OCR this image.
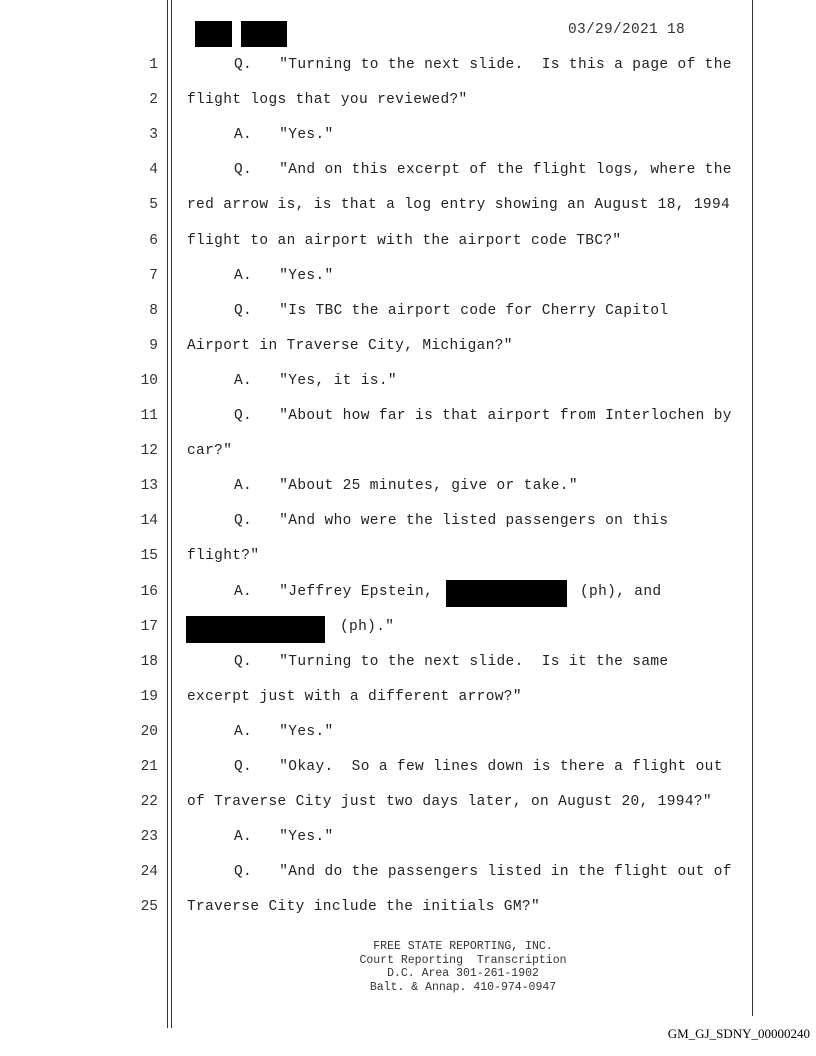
03/29/2021 18
1	Q.   "Turning to the next slide.  Is this a page of the
2 flight logs that you reviewed?"
3	A.   "Yes."
4	Q.   "And on this excerpt of the flight logs, where the
5 red arrow is, is that a log entry showing an August 18, 1994
6 flight to an airport with the airport code TBC?"
7	A.   "Yes."
8	Q.   "Is TBC the airport code for Cherry Capitol
9 Airport in Traverse City, Michigan?"
10	A.   "Yes, it is."
11	Q.   "About how far is that airport from Interlochen by
12 car?"
13	A.   "About 25 minutes, give or take."
14	Q.   "And who were the listed passengers on this
15 flight?"
16	A.   "Jeffrey Epstein,	(ph), and
17	(ph)."
18	Q.   "Turning to the next slide.  Is it the same
19 excerpt just with a different arrow?"
20	A.   "Yes."
21	Q.   "Okay.  So a few lines down is there a flight out
22 of Traverse City just two days later, on August 20, 1994?"
23	A.   "Yes."
24	Q.   "And do the passengers listed in the flight out of
25 Traverse City include the initials GM?"
FREE STATE REPORTING, INC.
Court Reporting  Transcription
D.C. Area 301-261-1902
Balt. & Annap. 410-974-0947
GM_GJ_SDNY_00000240
